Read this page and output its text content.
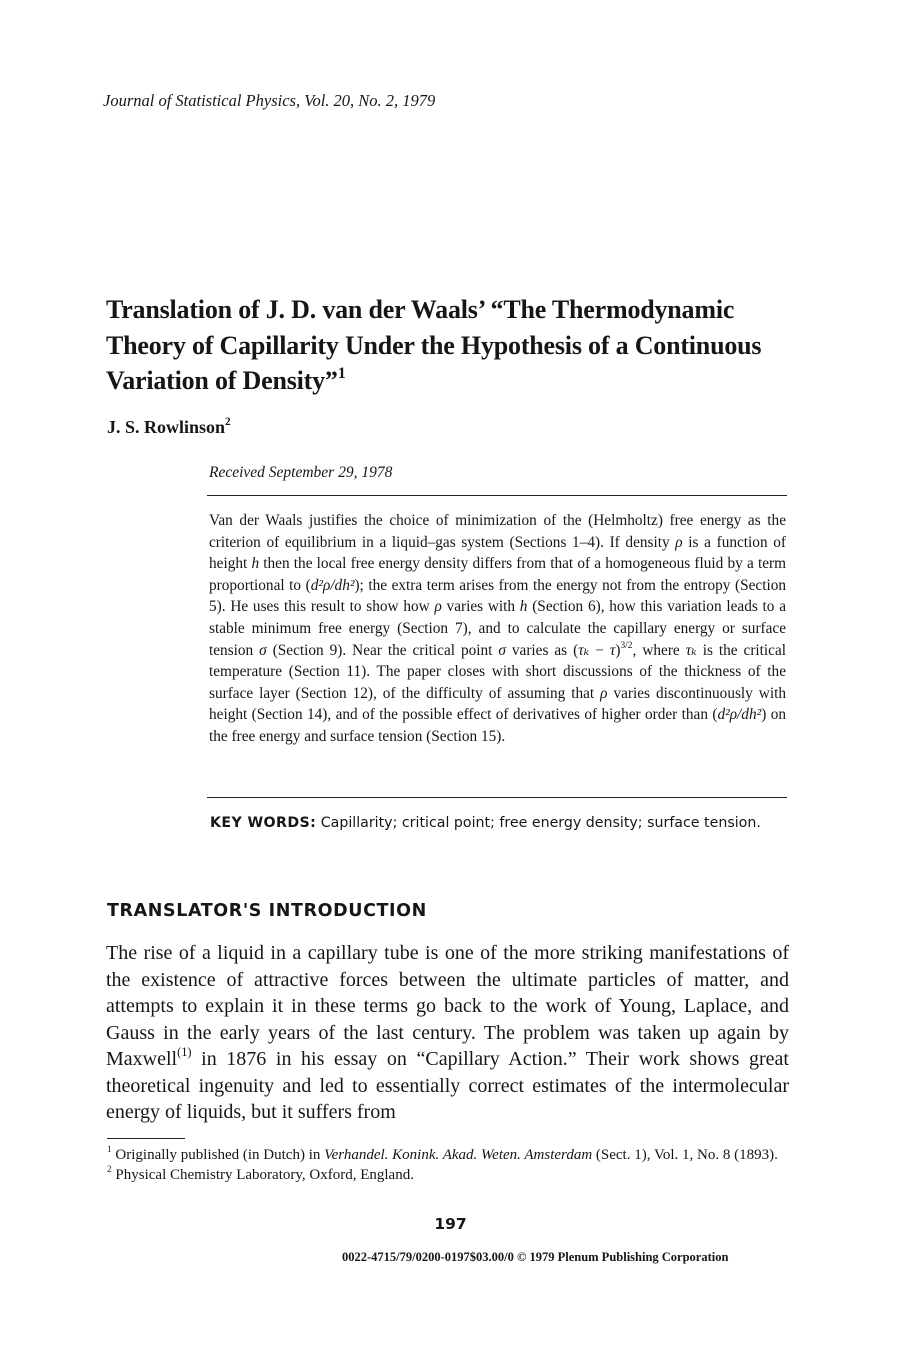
Journal of Statistical Physics, Vol. 20, No. 2, 1979
Translation of J. D. van der Waals’ “The Thermodynamic Theory of Capillarity Under the Hypothesis of a Continuous Variation of Density”$^1$
J. S. Rowlinson$^2$
Received September 29, 1978
Van der Waals justifies the choice of minimization of the (Helmholtz) free energy as the criterion of equilibrium in a liquid–gas system (Sections 1–4). If density ρ is a function of height h then the local free energy density differs from that of a homogeneous fluid by a term proportional to (d²ρ/dh²); the extra term arises from the energy not from the entropy (Section 5). He uses this result to show how ρ varies with h (Section 6), how this variation leads to a stable minimum free energy (Section 7), and to calculate the capillary energy or surface tension σ (Section 9). Near the critical point σ varies as $(\tau_k - \tau)^{3/2}$, where τₖ is the critical temperature (Section 11). The paper closes with short discussions of the thickness of the surface layer (Section 12), of the difficulty of assuming that ρ varies discontinuously with height (Section 14), and of the possible effect of derivatives of higher order than (d²ρ/dh²) on the free energy and surface tension (Section 15).
KEY WORDS: Capillarity; critical point; free energy density; surface tension.
TRANSLATOR'S INTRODUCTION
The rise of a liquid in a capillary tube is one of the more striking manifestations of the existence of attractive forces between the ultimate particles of matter, and attempts to explain it in these terms go back to the work of Young, Laplace, and Gauss in the early years of the last century. The problem was taken up again by Maxwell$^{(1)}$ in 1876 in his essay on “Capillary Action.” Their work shows great theoretical ingenuity and led to essentially correct estimates of the intermolecular energy of liquids, but it suffers from
$^1$ Originally published (in Dutch) in Verhandel. Konink. Akad. Weten. Amsterdam (Sect. 1), Vol. 1, No. 8 (1893).
$^2$ Physical Chemistry Laboratory, Oxford, England.
197
0022-4715/79/0200-0197$03.00/0 © 1979 Plenum Publishing Corporation
